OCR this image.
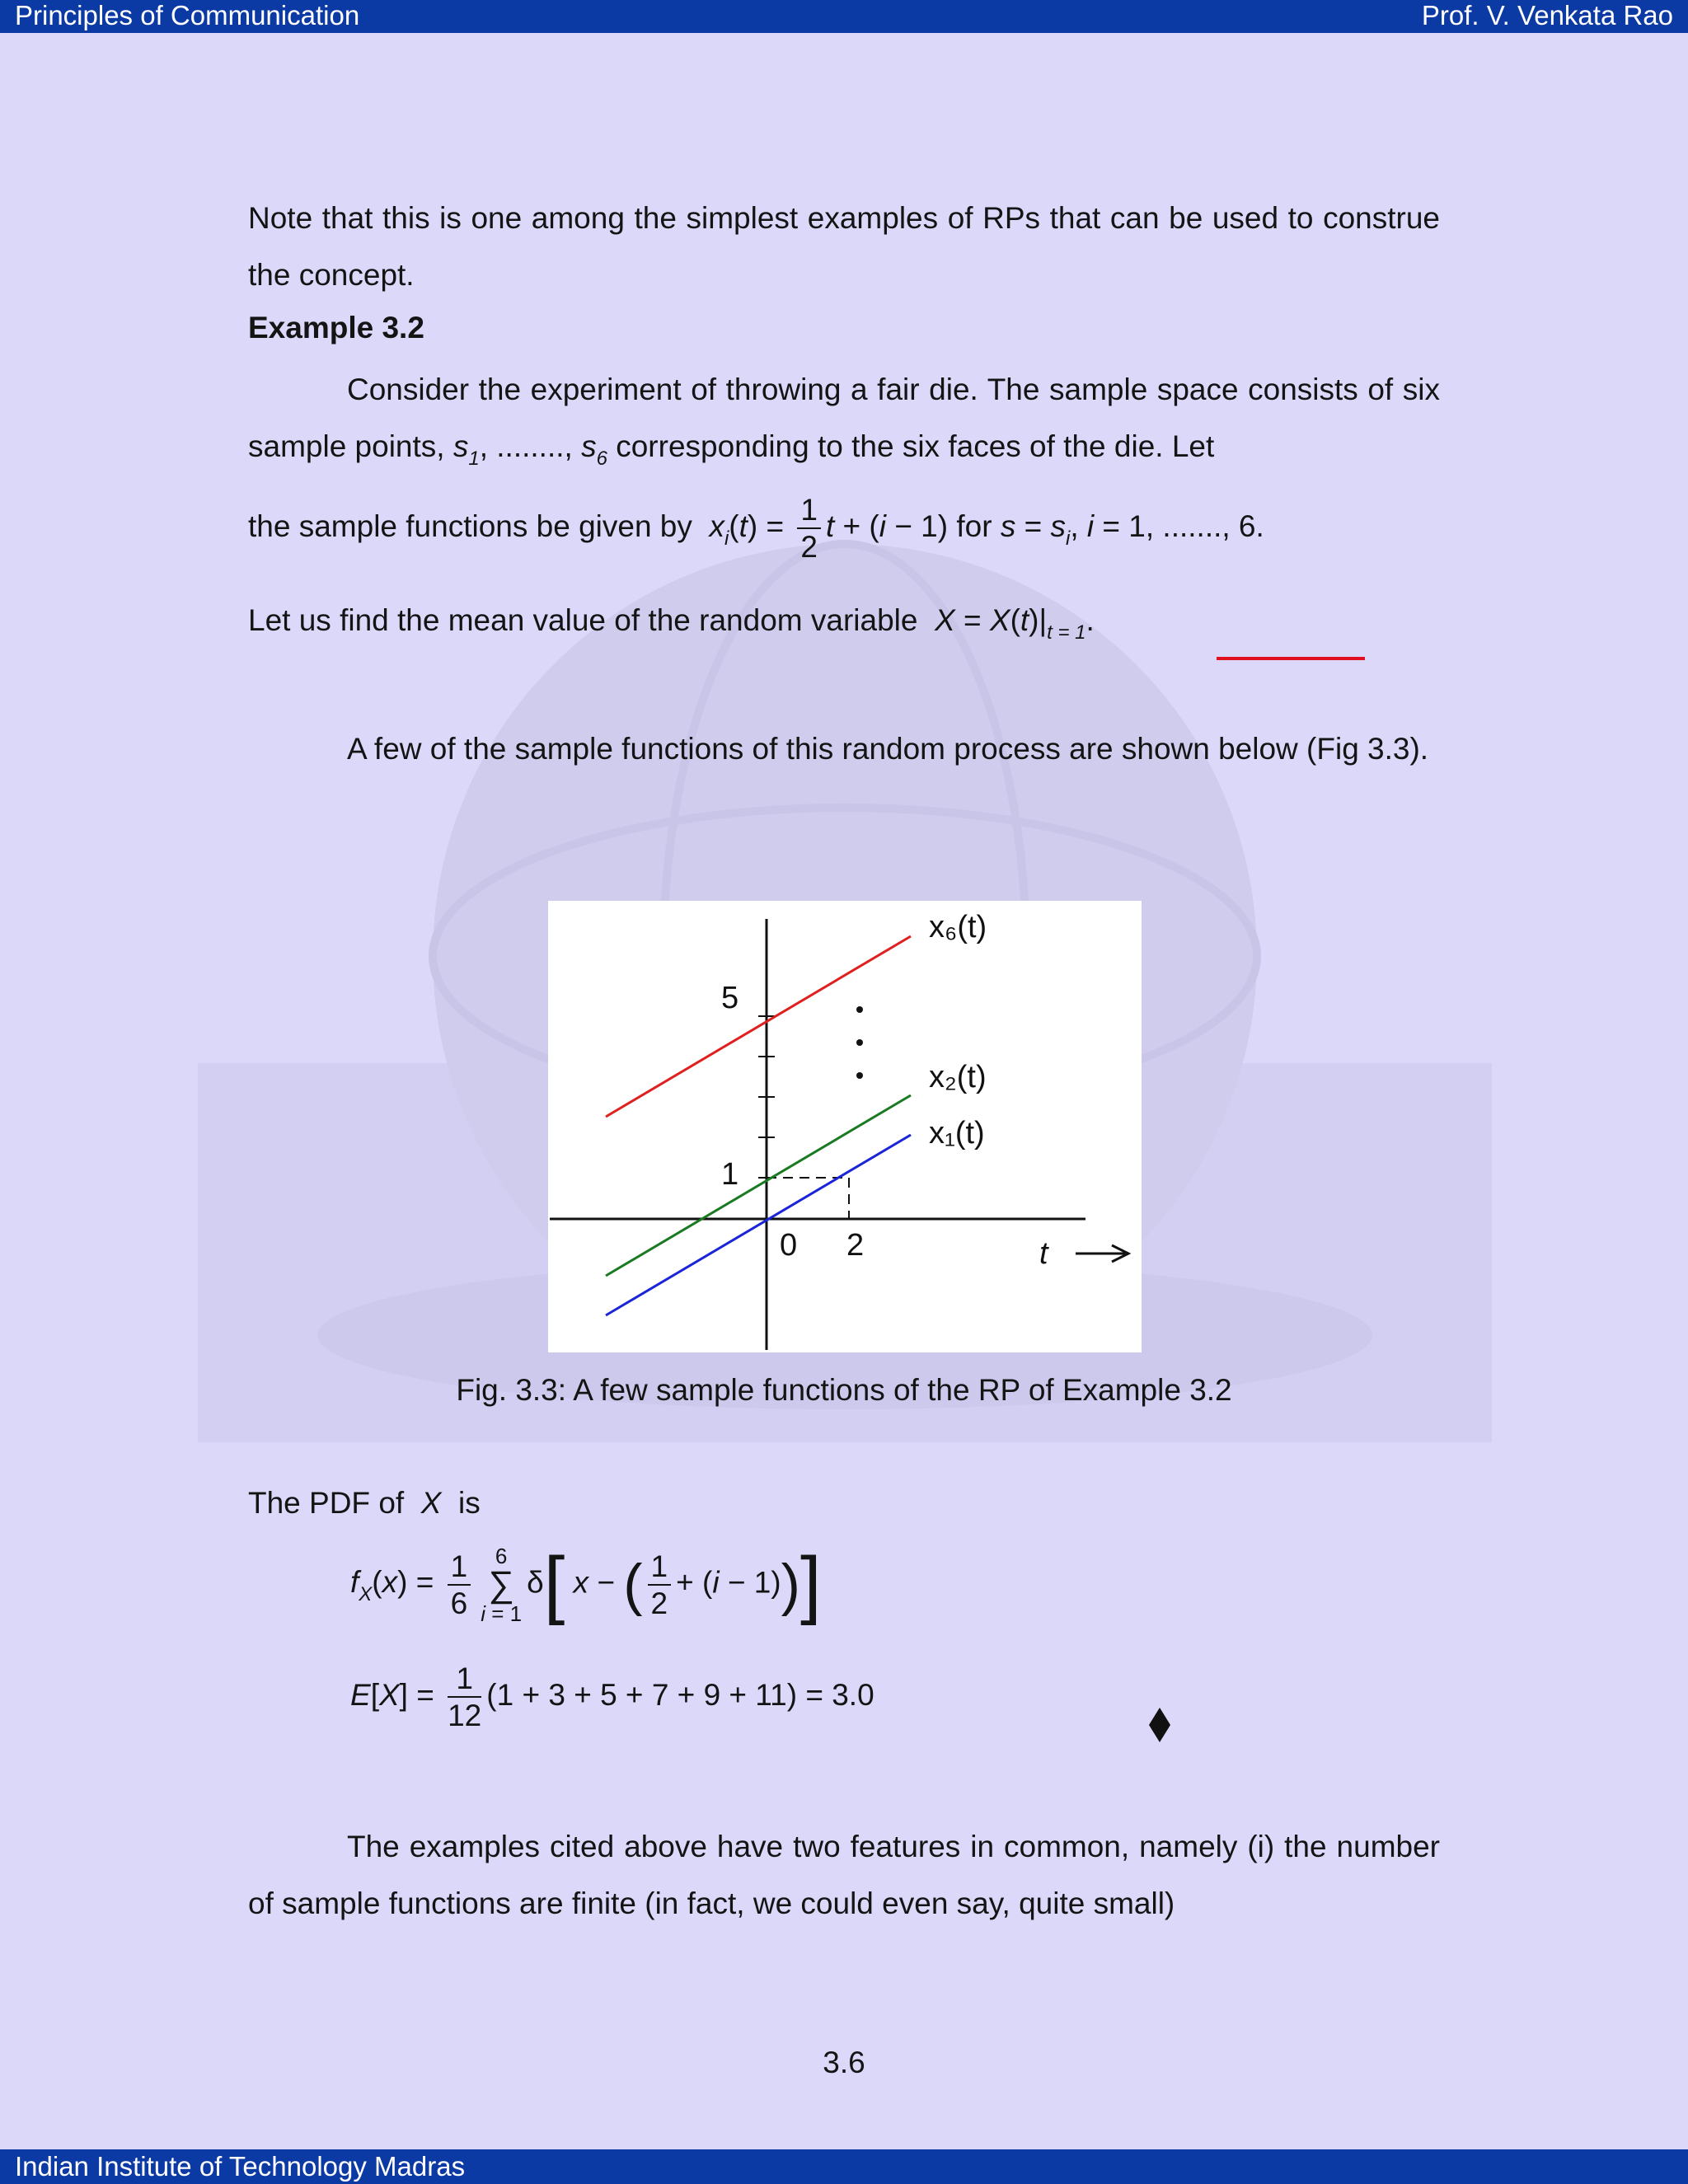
Principles of Communication	Prof. V. Venkata Rao
Note that this is one among the simplest examples of RPs that can be used to construe the concept.
Example 3.2
Consider the experiment of throwing a fair die. The sample space consists of six sample points, $s_1$, ........, $s_6$ corresponding to the six faces of the die. Let
the sample functions be given by  $x_i(t) = \frac{1}{2}$ t + (i − 1) for $s = s_i$, i = 1, ......., 6.
Let us find the mean value of the random variable  $X = X(t)|_{t = 1}$.
A few of the sample functions of this random process are shown below (Fig 3.3).
x₆(t)
x₂(t)
x₁(t)
5
1
0 2	t
Fig. 3.3: A few sample functions of the RP of Example 3.2
The PDF of  X  is
$f_X(x) = \frac{1}{6}$	6
∑
i = 1
δ[ x − ( $\frac{1}{2} + (i - 1)$)]
$E[X] = \frac{1}{12} (1 + 3 + 5 + 7 + 9 + 11) = 3.0$
The examples cited above have two features in common, namely (i) the number of sample functions are finite (in fact, we could even say, quite small)
3.6
Indian Institute of Technology Madras
